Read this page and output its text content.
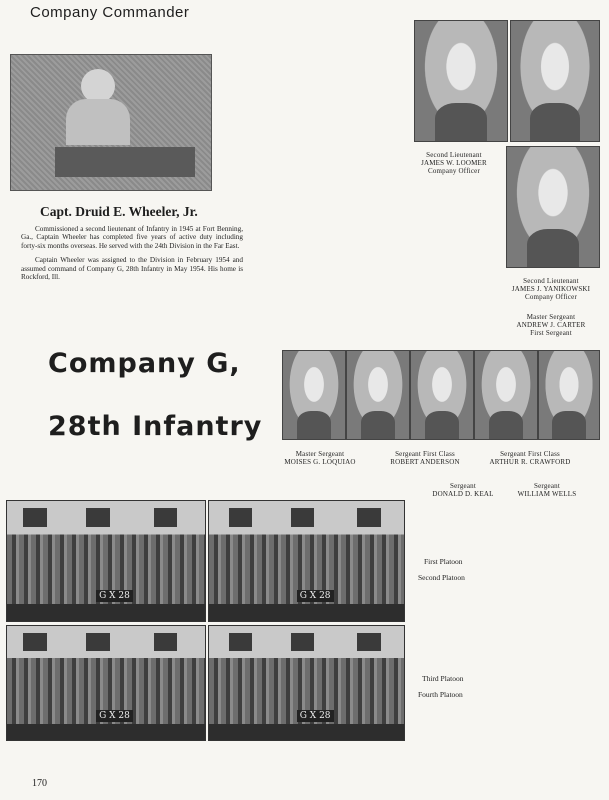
Company Commander
Capt. Druid E. Wheeler, Jr.

Commissioned a second lieutenant of Infantry in 1945 at Fort Benning, Ga., Captain Wheeler has completed five years of active duty including forty-six months overseas. He served with the 24th Division in the Far East.

Captain Wheeler was assigned to the Division in February 1954 and assumed command of Company G, 28th Infantry in May 1954. His home is Rockford, Ill.

Second Lieutenant
JAMES W. LOOMER
Company Officer
Second Lieutenant
JAMES J. YANIKOWSKI
Company Officer
Master Sergeant
ANDREW J. CARTER
First Sergeant
Company G,
28th Infantry
Master Sergeant
MOISES G. LOQUIAO
Sergeant First Class
ROBERT ANDERSON
Sergeant First Class
ARTHUR R. CRAWFORD
Sergeant
DONALD D. KEAL
Sergeant
WILLIAM WELLS
G X 28	G X 28
G X 28	G X 28
First Platoon
Second Platoon
Third Platoon
Fourth Platoon
170
